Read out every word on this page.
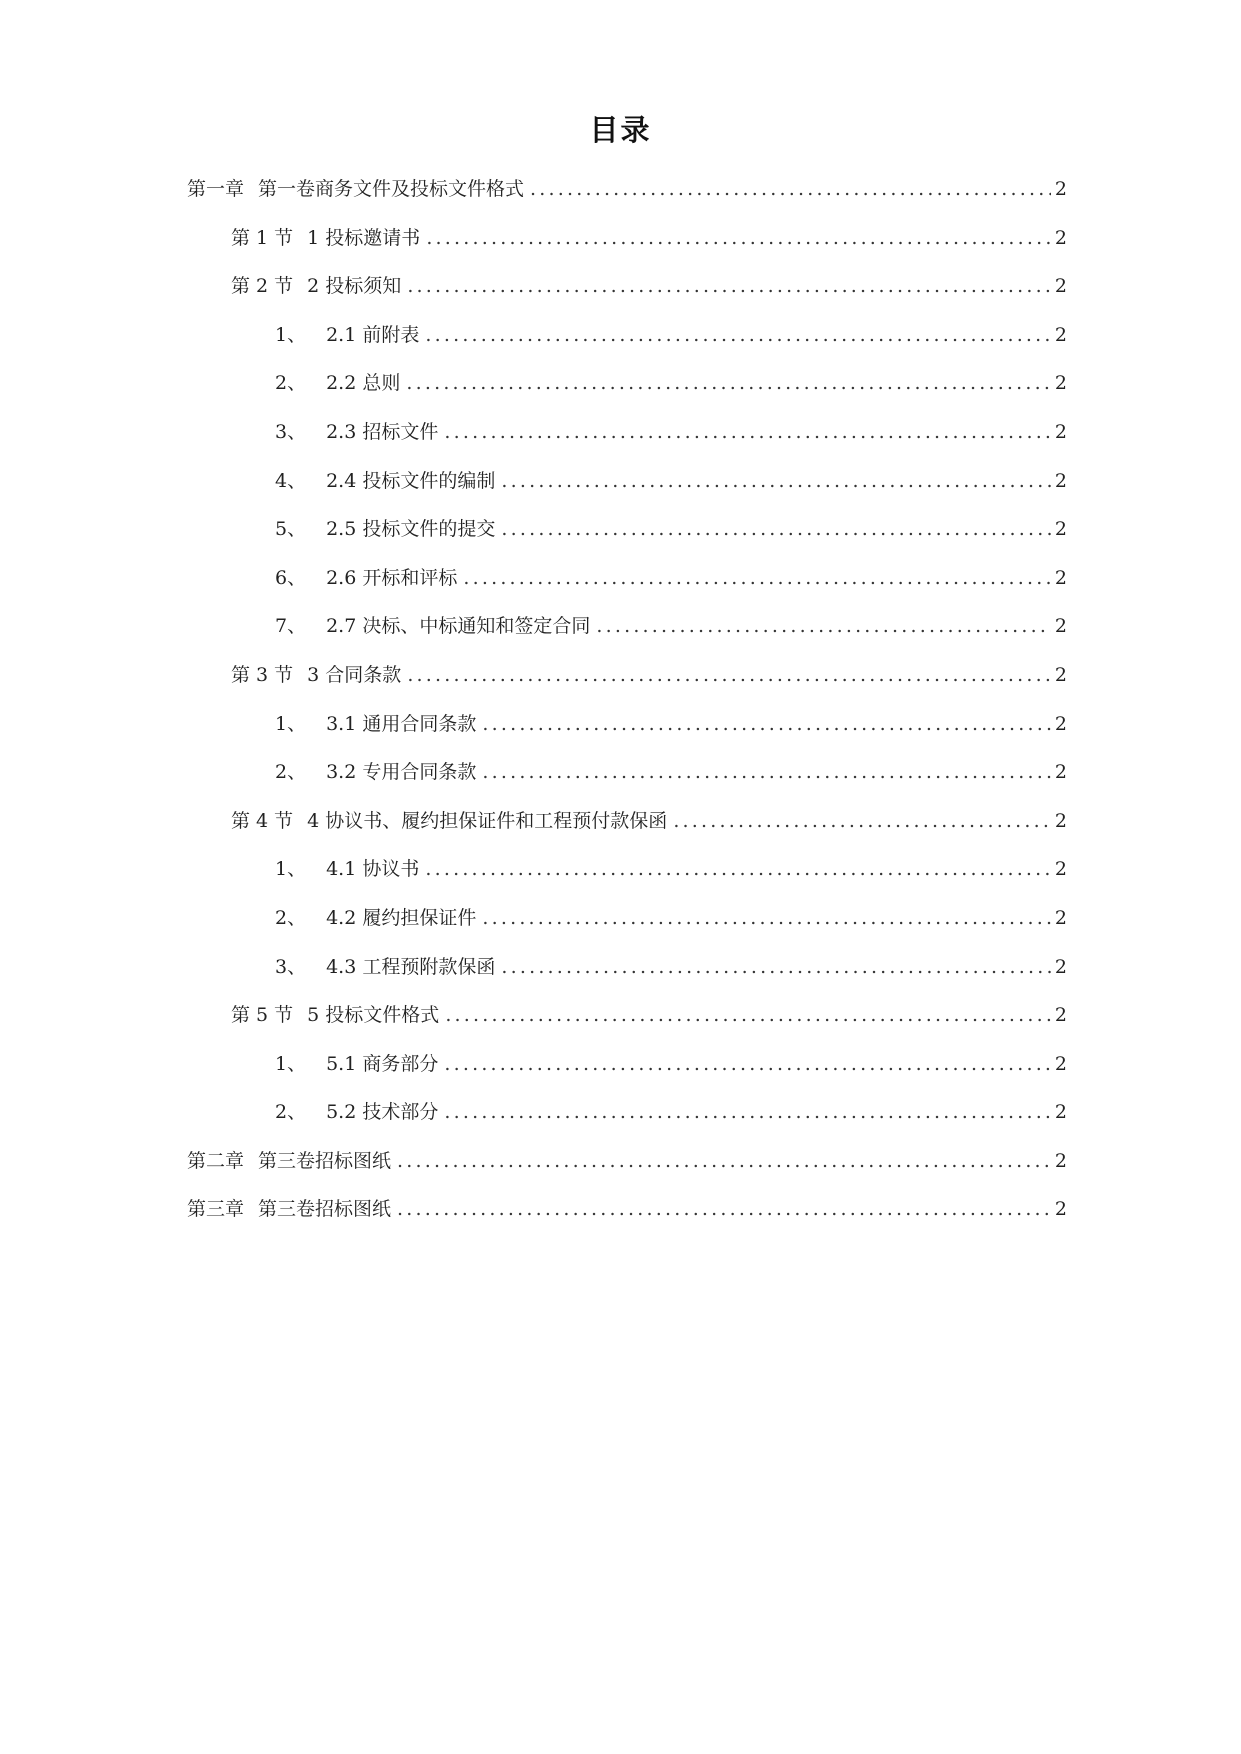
目录
第一章 第一卷商务文件及投标文件格式 .....	2
第 1 节 1 投标邀请书 .....	2
第 2 节 2 投标须知 .....	2
1、 2.1 前附表 .....	2
2、 2.2 总则 .....	2
3、 2.3 招标文件 .....	2
4、 2.4 投标文件的编制 .....	2
5、 2.5 投标文件的提交 .....	2
6、 2.6 开标和评标 .....	2
7、 2.7 决标、中标通知和签定合同 .....	2
第 3 节 3 合同条款 .....	2
1、 3.1 通用合同条款 .....	2
2、 3.2 专用合同条款 .....	2
第 4 节 4 协议书、履约担保证件和工程预付款保函 .....	2
1、 4.1 协议书 .....	2
2、 4.2 履约担保证件 .....	2
3、 4.3 工程预附款保函 .....	2
第 5 节 5 投标文件格式 .....	2
1、 5.1 商务部分 .....	2
2、 5.2 技术部分 .....	2
第二章 第三卷招标图纸 .....	2
第三章 第三卷招标图纸 .....	2
